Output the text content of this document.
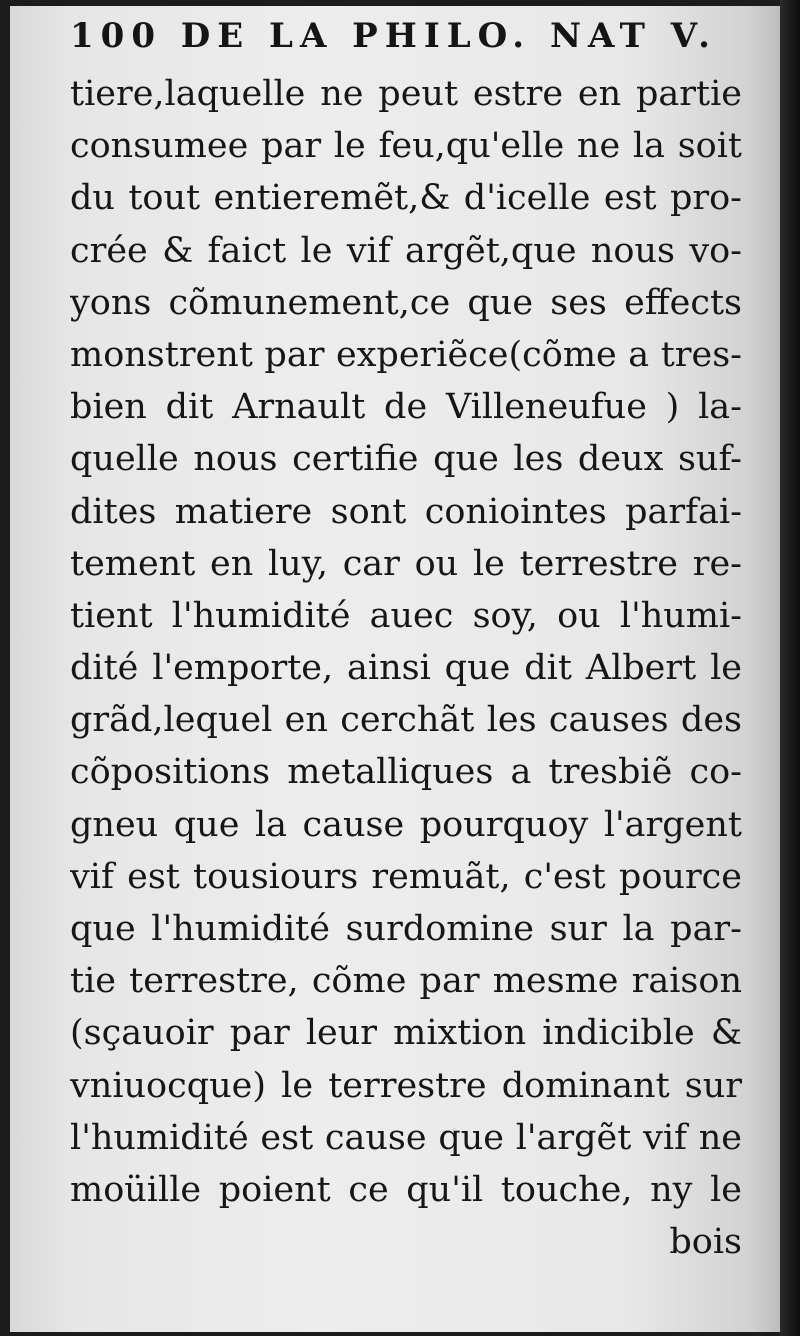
100 DE LA PHILO. NAT V.
tiere,laquelle ne peut estre en partie
consumee par le feu,qu'elle ne la soit
du tout entieremẽt,& d'icelle est pro-
crée & faict le vif argẽt,que nous vo-
yons cõmunement,ce que ses effects
monstrent par experiẽce(cõme a tres-
bien dit Arnault de Villeneufue ) la-
quelle nous certifie que les deux suf-
dites matiere sont coniointes parfai-
tement en luy, car ou le terrestre re-
tient l'humidité auec soy, ou l'humi-
dité l'emporte, ainsi que dit Albert le
grãd,lequel en cerchãt les causes des
cõpositions metalliques a tresbiẽ co-
gneu que la cause pourquoy l'argent
vif est tousiours remuãt, c'est pource
que l'humidité surdomine sur la par-
tie terrestre, cõme par mesme raison
(sçauoir par leur mixtion indicible &
vniuocque) le terrestre dominant sur
l'humidité est cause que l'argẽt vif ne
moüille poient ce qu'il touche, ny le
bois
